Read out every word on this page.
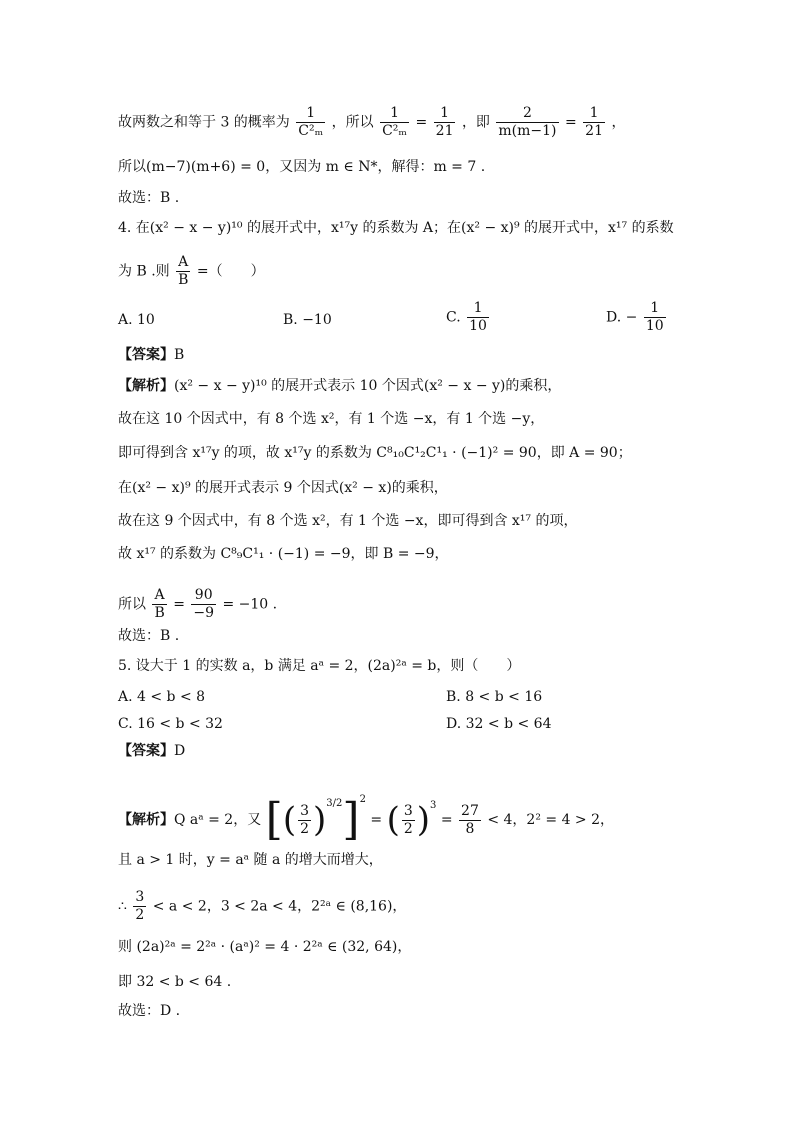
故两数之和等于 3 的概率为 $\frac{1}{\text{C²ₘ}}$ ，所以 $\frac{1}{\text{C²ₘ}} = \frac{1}{21}$ ，即 $\frac{2}{m(m-1)} = \frac{1}{21}$ ，
所以(m−7)(m+6) = 0，又因为 m ∈ N*，解得：m = 7 .
故选：B .
4. 在(x² − x − y)¹⁰ 的展开式中，x¹⁷y 的系数为 A；在(x² − x)⁹ 的展开式中，x¹⁷ 的系数
为 B .则 $\frac{A}{B}$ =（　　）
A. 10	B. −10	C. $\frac{1}{10}$	D. − $\frac{1}{10}$
【答案】B
【解析】(x² − x − y)¹⁰ 的展开式表示 10 个因式(x² − x − y)的乘积，
故在这 10 个因式中，有 8 个选 x²，有 1 个选 −x，有 1 个选 −y，
即可得到含 x¹⁷y 的项，故 x¹⁷y 的系数为 C⁸₁₀C¹₂C¹₁ · (−1)² = 90，即 A = 90；
在(x² − x)⁹ 的展开式表示 9 个因式(x² − x)的乘积，
故在这 9 个因式中，有 8 个选 x²，有 1 个选 −x，即可得到含 x¹⁷ 的项，
故 x¹⁷ 的系数为 C⁸₉C¹₁ · (−1) = −9，即 B = −9，
所以 $\frac{A}{B} = \frac{90}{-9} = -10$ .
故选：B .
5. 设大于 1 的实数 a，b 满足 aᵃ = 2，(2a)²ᵃ = b，则（　　）
A. 4 < b < 8	B. 8 < b < 16
C. 16 < b < 32	D. 32 < b < 64
【答案】D
【解析】Q aᵃ = 2，又 [( $\frac{3}{2} )^{3/2}]^2$ = ( $\frac{3}{2} )^3 = \frac{27}{8} < 4$，2² = 4 > 2，
且 a > 1 时，y = aᵃ 随 a 的增大而增大，
∴ $\frac{3}{2} < a < 2$，3 < 2a < 4，2²ᵃ ∈ (8,16)，
则 (2a)²ᵃ = 2²ᵃ · (aᵃ)² = 4 · 2²ᵃ ∈ (32, 64)，
即 32 < b < 64 .
故选：D .
